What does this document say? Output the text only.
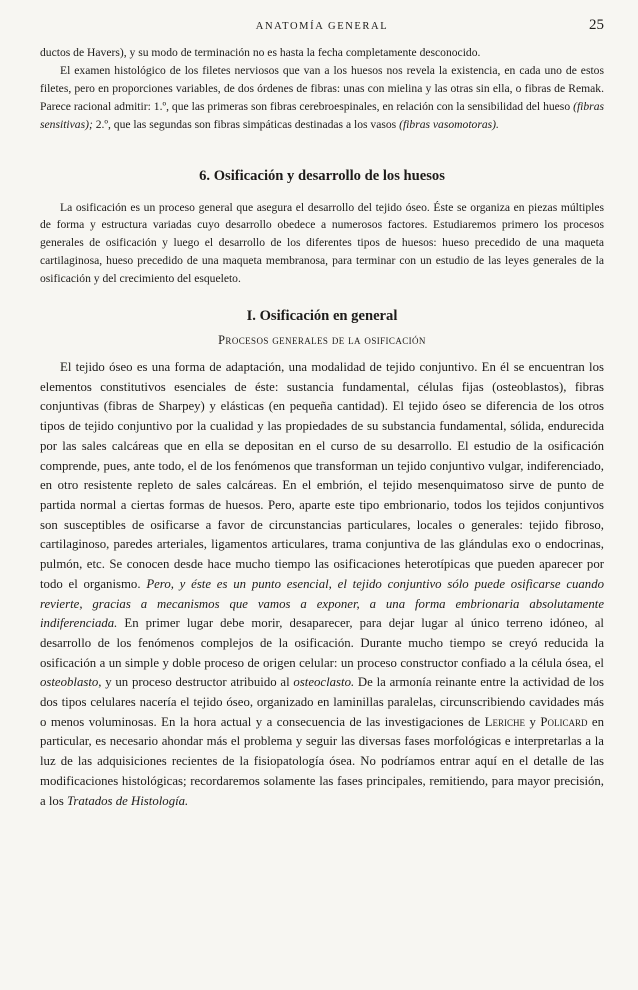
ANATOMÍA GENERAL	25

ductos de Havers), y su modo de terminación no es hasta la fecha completamente desconocido.

El examen histológico de los filetes nerviosos que van a los huesos nos revela la existencia, en cada uno de estos filetes, pero en proporciones variables, de dos órdenes de fibras: unas con mielina y las otras sin ella, o fibras de Remak. Parece racional admitir: 1.º, que las primeras son fibras cerebroespinales, en relación con la sensibilidad del hueso (fibras sensitivas); 2.º, que las segundas son fibras simpáticas destinadas a los vasos (fibras vasomotoras).

6. Osificación y desarrollo de los huesos

La osificación es un proceso general que asegura el desarrollo del tejido óseo. Éste se organiza en piezas múltiples de forma y estructura variadas cuyo desarrollo obedece a numerosos factores. Estudiaremos primero los procesos generales de osificación y luego el desarrollo de los diferentes tipos de huesos: hueso precedido de una maqueta cartilaginosa, hueso precedido de una maqueta membranosa, para terminar con un estudio de las leyes generales de la osificación y del crecimiento del esqueleto.

I. Osificación en general
Procesos generales de la osificación

El tejido óseo es una forma de adaptación, una modalidad de tejido conjuntivo. En él se encuentran los elementos constitutivos esenciales de éste: sustancia fundamental, células fijas (osteoblastos), fibras conjuntivas (fibras de Sharpey) y elásticas (en pequeña cantidad). El tejido óseo se diferencia de los otros tipos de tejido conjuntivo por la cualidad y las propiedades de su substancia fundamental, sólida, endurecida por las sales calcáreas que en ella se depositan en el curso de su desarrollo. El estudio de la osificación comprende, pues, ante todo, el de los fenómenos que transforman un tejido conjuntivo vulgar, indiferenciado, en otro resistente repleto de sales calcáreas. En el embrión, el tejido mesenquimatoso sirve de punto de partida normal a ciertas formas de huesos. Pero, aparte este tipo embrionario, todos los tejidos conjuntivos son susceptibles de osificarse a favor de circunstancias particulares, locales o generales: tejido fibroso, cartilaginoso, paredes arteriales, ligamentos articulares, trama conjuntiva de las glándulas exo o endocrinas, pulmón, etc. Se conocen desde hace mucho tiempo las osificaciones heterotípicas que pueden aparecer por todo el organismo. Pero, y éste es un punto esencial, el tejido conjuntivo sólo puede osificarse cuando revierte, gracias a mecanismos que vamos a exponer, a una forma embrionaria absolutamente indiferenciada. En primer lugar debe morir, desaparecer, para dejar lugar al único terreno idóneo, al desarrollo de los fenómenos complejos de la osificación. Durante mucho tiempo se creyó reducida la osificación a un simple y doble proceso de origen celular: un proceso constructor confiado a la célula ósea, el osteoblasto, y un proceso destructor atribuido al osteoclasto. De la armonía reinante entre la actividad de los dos tipos celulares nacería el tejido óseo, organizado en laminillas paralelas, circunscribiendo cavidades más o menos voluminosas. En la hora actual y a consecuencia de las investigaciones de Leriche y Policard en particular, es necesario ahondar más el problema y seguir las diversas fases morfológicas e interpretarlas a la luz de las adquisiciones recientes de la fisiopatología ósea. No podríamos entrar aquí en el detalle de las modificaciones histológicas; recordaremos solamente las fases principales, remitiendo, para mayor precisión, a los Tratados de Histología.
